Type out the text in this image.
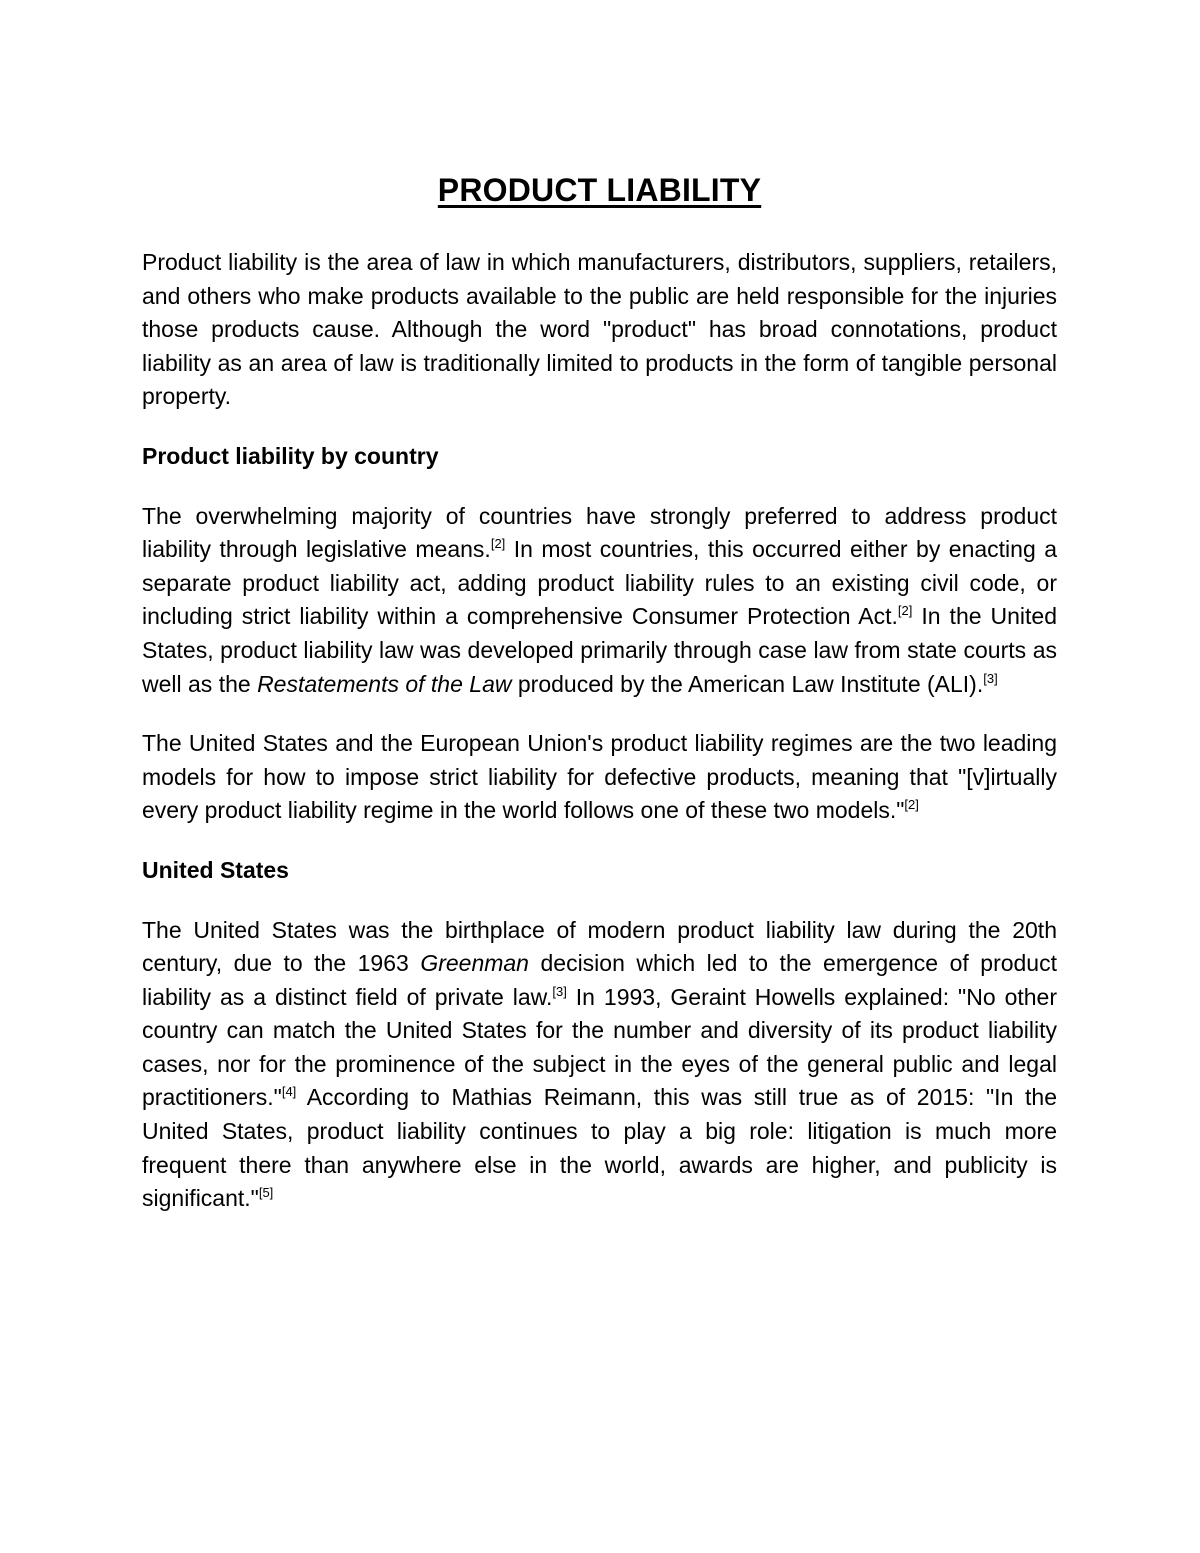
PRODUCT LIABILITY

Product liability is the area of law in which manufacturers, distributors, suppliers, retailers, and others who make products available to the public are held responsible for the injuries those products cause. Although the word "product" has broad connotations, product liability as an area of law is traditionally limited to products in the form of tangible personal property.

Product liability by country

The overwhelming majority of countries have strongly preferred to address product liability through legislative means.[2] In most countries, this occurred either by enacting a separate product liability act, adding product liability rules to an existing civil code, or including strict liability within a comprehensive Consumer Protection Act.[2] In the United States, product liability law was developed primarily through case law from state courts as well as the Restatements of the Law produced by the American Law Institute (ALI).[3]

The United States and the European Union's product liability regimes are the two leading models for how to impose strict liability for defective products, meaning that "[v]irtually every product liability regime in the world follows one of these two models."[2]

United States

The United States was the birthplace of modern product liability law during the 20th century, due to the 1963 Greenman decision which led to the emergence of product liability as a distinct field of private law.[3] In 1993, Geraint Howells explained: "No other country can match the United States for the number and diversity of its product liability cases, nor for the prominence of the subject in the eyes of the general public and legal practitioners."[4] According to Mathias Reimann, this was still true as of 2015: "In the United States, product liability continues to play a big role: litigation is much more frequent there than anywhere else in the world, awards are higher, and publicity is significant."[5]
